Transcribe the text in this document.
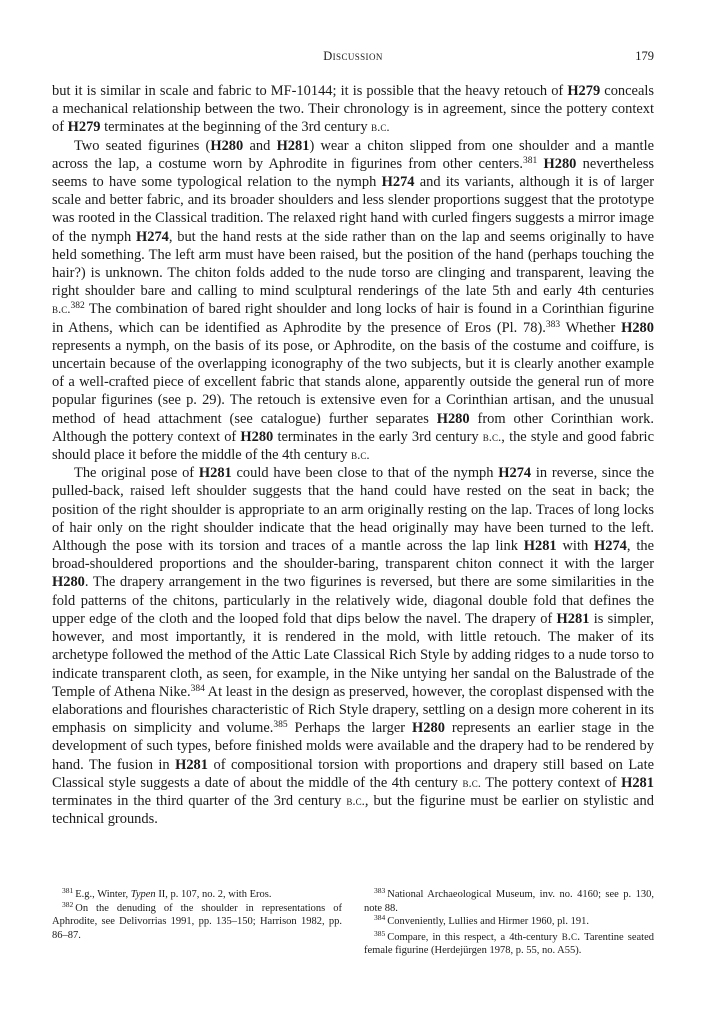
Discussion	179

but it is similar in scale and fabric to MF-10144; it is possible that the heavy retouch of H279 conceals a mechanical relationship between the two. Their chronology is in agreement, since the pottery context of H279 terminates at the beginning of the 3rd century b.c.

Two seated figurines (H280 and H281) wear a chiton slipped from one shoulder and a mantle across the lap, a costume worn by Aphrodite in figurines from other centers.$^{381}$ H280 nevertheless seems to have some typological relation to the nymph H274 and its variants, although it is of larger scale and better fabric, and its broader shoulders and less slender proportions suggest that the prototype was rooted in the Classical tradition. The relaxed right hand with curled fingers suggests a mirror image of the nymph H274, but the hand rests at the side rather than on the lap and seems originally to have held something. The left arm must have been raised, but the position of the hand (perhaps touching the hair?) is unknown. The chiton folds added to the nude torso are clinging and transparent, leaving the right shoulder bare and calling to mind sculptural renderings of the late 5th and early 4th centuries b.c.$^{382}$ The combination of bared right shoulder and long locks of hair is found in a Corinthian figurine in Athens, which can be identified as Aphrodite by the presence of Eros (Pl. 78).$^{383}$ Whether H280 represents a nymph, on the basis of its pose, or Aphrodite, on the basis of the costume and coiffure, is uncertain because of the overlapping iconography of the two subjects, but it is clearly another example of a well-crafted piece of excellent fabric that stands alone, apparently outside the general run of more popular figurines (see p. 29). The retouch is extensive even for a Corinthian artisan, and the unusual method of head attachment (see catalogue) further separates H280 from other Corinthian work. Although the pottery context of H280 terminates in the early 3rd century b.c., the style and good fabric should place it before the middle of the 4th century b.c.

The original pose of H281 could have been close to that of the nymph H274 in reverse, since the pulled-back, raised left shoulder suggests that the hand could have rested on the seat in back; the position of the right shoulder is appropriate to an arm originally resting on the lap. Traces of long locks of hair only on the right shoulder indicate that the head originally may have been turned to the left. Although the pose with its torsion and traces of a mantle across the lap link H281 with H274, the broad-shouldered proportions and the shoulder-baring, transparent chiton connect it with the larger H280. The drapery arrangement in the two figurines is reversed, but there are some similarities in the fold patterns of the chitons, particularly in the relatively wide, diagonal double fold that defines the upper edge of the cloth and the looped fold that dips below the navel. The drapery of H281 is simpler, however, and most importantly, it is rendered in the mold, with little retouch. The maker of its archetype followed the method of the Attic Late Classical Rich Style by adding ridges to a nude torso to indicate transparent cloth, as seen, for example, in the Nike untying her sandal on the Balustrade of the Temple of Athena Nike.$^{384}$ At least in the design as preserved, however, the coroplast dispensed with the elaborations and flourishes characteristic of Rich Style drapery, settling on a design more coherent in its emphasis on simplicity and volume.$^{385}$ Perhaps the larger H280 represents an earlier stage in the development of such types, before finished molds were available and the drapery had to be rendered by hand. The fusion in H281 of compositional torsion with proportions and drapery still based on Late Classical style suggests a date of about the middle of the 4th century b.c. The pottery context of H281 terminates in the third quarter of the 3rd century b.c., but the figurine must be earlier on stylistic and technical grounds.

$^{381}$ E.g., Winter, Typen II, p. 107, no. 2, with Eros.

$^{382}$ On the denuding of the shoulder in representations of Aphrodite, see Delivorrias 1991, pp. 135–150; Harrison 1982, pp. 86–87.

$^{383}$ National Archaeological Museum, inv. no. 4160; see p. 130, note 88.

$^{384}$ Conveniently, Lullies and Hirmer 1960, pl. 191.

$^{385}$ Compare, in this respect, a 4th-century b.c. Tarentine seated female figurine (Herdejürgen 1978, p. 55, no. A55).
